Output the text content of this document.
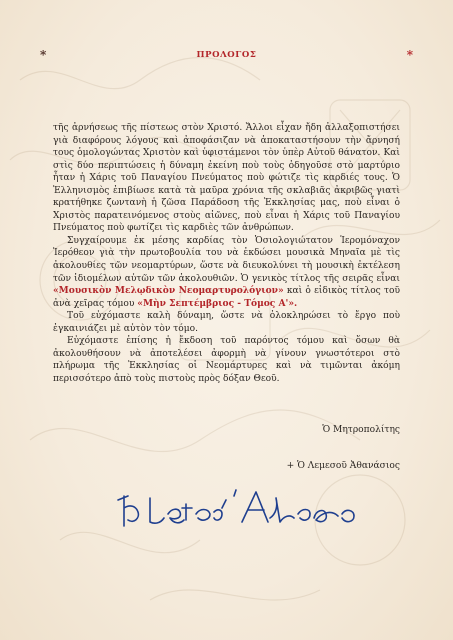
*	ΠΡΟΛΟΓΟΣ	*

τῆς ἀρνήσεως τῆς πίστεως στὸν Χριστό. Ἄλλοι εἶχαν ἤδη ἀλλαξοπιστήσει γιὰ διαφόρους λόγους καὶ ἀποφάσιζαν νὰ ἀποκαταστήσουν τὴν ἄρνησή τους ὁμολογώντας Χριστὸν καὶ ὑφιστάμενοι τὸν ὑπὲρ Αὐτοῦ θάνατον. Καὶ στὶς δύο περιπτώσεις ἡ δύναμη ἐκείνη ποὺ τοὺς ὁδηγοῦσε στὸ μαρτύριο ἦταν ἡ Χάρις τοῦ Παναγίου Πνεύματος ποὺ φώτιζε τὶς καρδιές τους. Ὁ Ἑλληνισμὸς ἐπιβίωσε κατὰ τὰ μαῦρα χρόνια τῆς σκλαβιᾶς ἀκριβῶς γιατὶ κρατήθηκε ζωντανὴ ἡ ζῶσα Παράδοση τῆς Ἐκκλησίας μας, ποὺ εἶναι ὁ Χριστὸς παρατεινόμενος στοὺς αἰῶνες, ποὺ εἶναι ἡ Χάρις τοῦ Παναγίου Πνεύματος ποὺ φωτίζει τὶς καρδιὲς τῶν ἀνθρώπων.

Συγχαίρουμε ἐκ μέσης καρδίας τὸν Ὁσιολογιώτατον Ἱερομόναχον Ἱερόθεον γιὰ τὴν πρωτοβουλία του νὰ ἐκδώσει μουσικὰ Μηναῖα μὲ τὶς ἀκολουθίες τῶν νεομαρτύρων, ὥστε νὰ διευκολύνει τὴ μουσικὴ ἐκτέλεση τῶν ἰδιομέλων αὐτῶν τῶν ἀκολουθιῶν. Ὁ γενικὸς τίτλος τῆς σειρᾶς εἶναι «Μουσικὸν Μελῳδικὸν Νεομαρτυρολόγιον» καὶ ὁ εἰδικὸς τίτλος τοῦ ἀνὰ χεῖρας τόμου «Μὴν Σεπτέμβριος - Τόμος Α'».

Τοῦ εὐχόμαστε καλὴ δύναμη, ὥστε νὰ ὁλοκληρώσει τὸ ἔργο ποὺ ἐγκαινιάζει μὲ αὐτὸν τὸν τόμο.

Εὐχόμαστε ἐπίσης ἡ ἔκδοση τοῦ παρόντος τόμου καὶ ὅσων θὰ ἀκολουθήσουν νὰ ἀποτελέσει ἀφορμὴ νὰ γίνουν γνωστότεροι στὸ πλήρωμα τῆς Ἐκκλησίας οἱ Νεομάρτυρες καὶ νὰ τιμῶνται ἀκόμη περισσότερο ἀπὸ τοὺς πιστοὺς πρὸς δόξαν Θεοῦ.

Ὁ Μητροπολίτης
+ Ὁ Λεμεσοῦ Ἀθανάσιος
